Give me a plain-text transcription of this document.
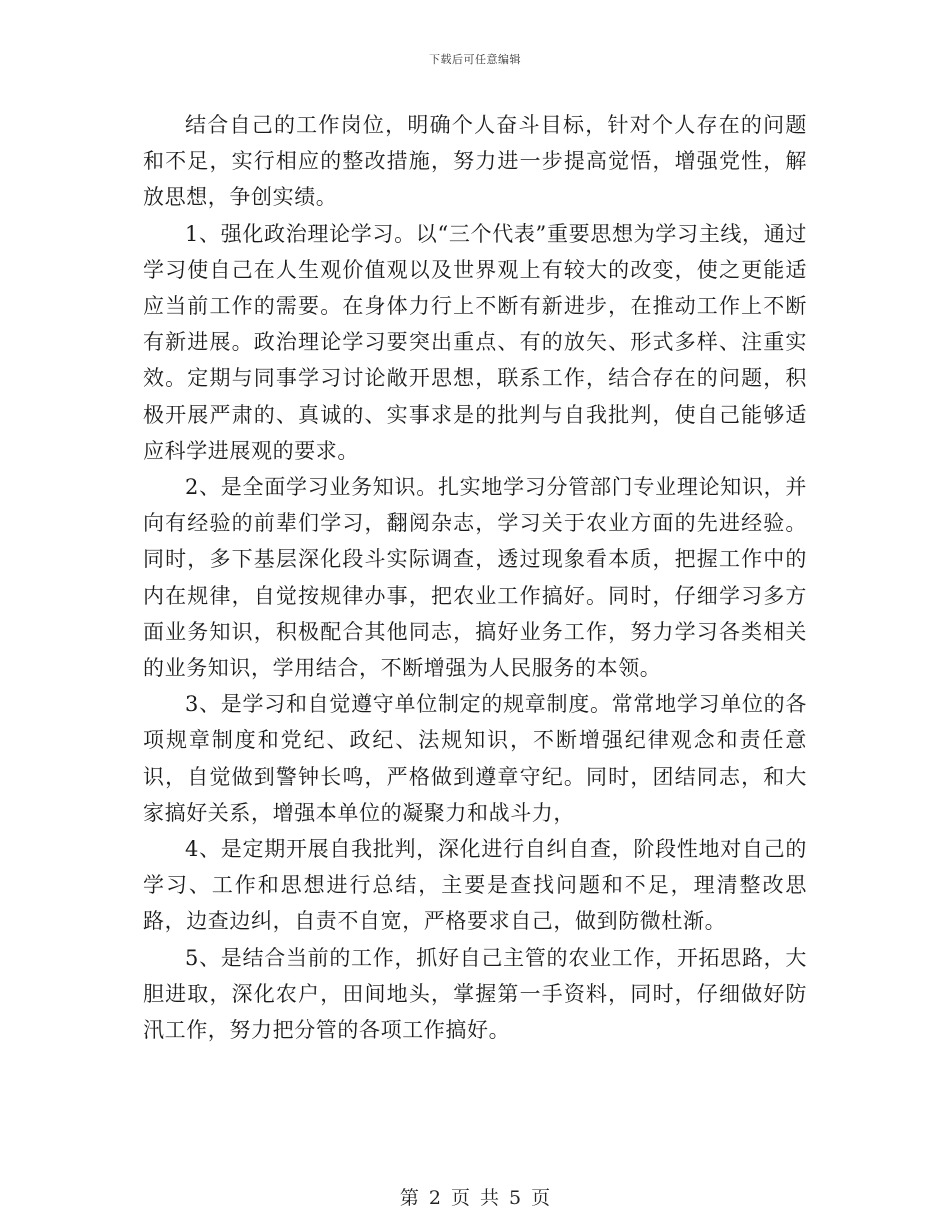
下载后可任意编辑

结合自己的工作岗位，明确个人奋斗目标，针对个人存在的问题和不足，实行相应的整改措施，努力进一步提高觉悟，增强党性，解放思想，争创实绩。

1、强化政治理论学习。以“三个代表”重要思想为学习主线，通过学习使自己在人生观价值观以及世界观上有较大的改变，使之更能适应当前工作的需要。在身体力行上不断有新进步，在推动工作上不断有新进展。政治理论学习要突出重点、有的放矢、形式多样、注重实效。定期与同事学习讨论敞开思想，联系工作，结合存在的问题，积极开展严肃的、真诚的、实事求是的批判与自我批判，使自己能够适应科学进展观的要求。

2、是全面学习业务知识。扎实地学习分管部门专业理论知识，并向有经验的前辈们学习，翻阅杂志，学习关于农业方面的先进经验。同时，多下基层深化段斗实际调查，透过现象看本质，把握工作中的内在规律，自觉按规律办事，把农业工作搞好。同时，仔细学习多方面业务知识，积极配合其他同志，搞好业务工作，努力学习各类相关的业务知识，学用结合，不断增强为人民服务的本领。

3、是学习和自觉遵守单位制定的规章制度。常常地学习单位的各项规章制度和党纪、政纪、法规知识，不断增强纪律观念和责任意识，自觉做到警钟长鸣，严格做到遵章守纪。同时，团结同志，和大家搞好关系，增强本单位的凝聚力和战斗力，

4、是定期开展自我批判，深化进行自纠自查，阶段性地对自己的学习、工作和思想进行总结，主要是查找问题和不足，理清整改思路，边查边纠，自责不自宽，严格要求自己，做到防微杜渐。

5、是结合当前的工作，抓好自己主管的农业工作，开拓思路，大胆进取，深化农户，田间地头，掌握第一手资料，同时，仔细做好防汛工作，努力把分管的各项工作搞好。

第 2 页 共 5 页
